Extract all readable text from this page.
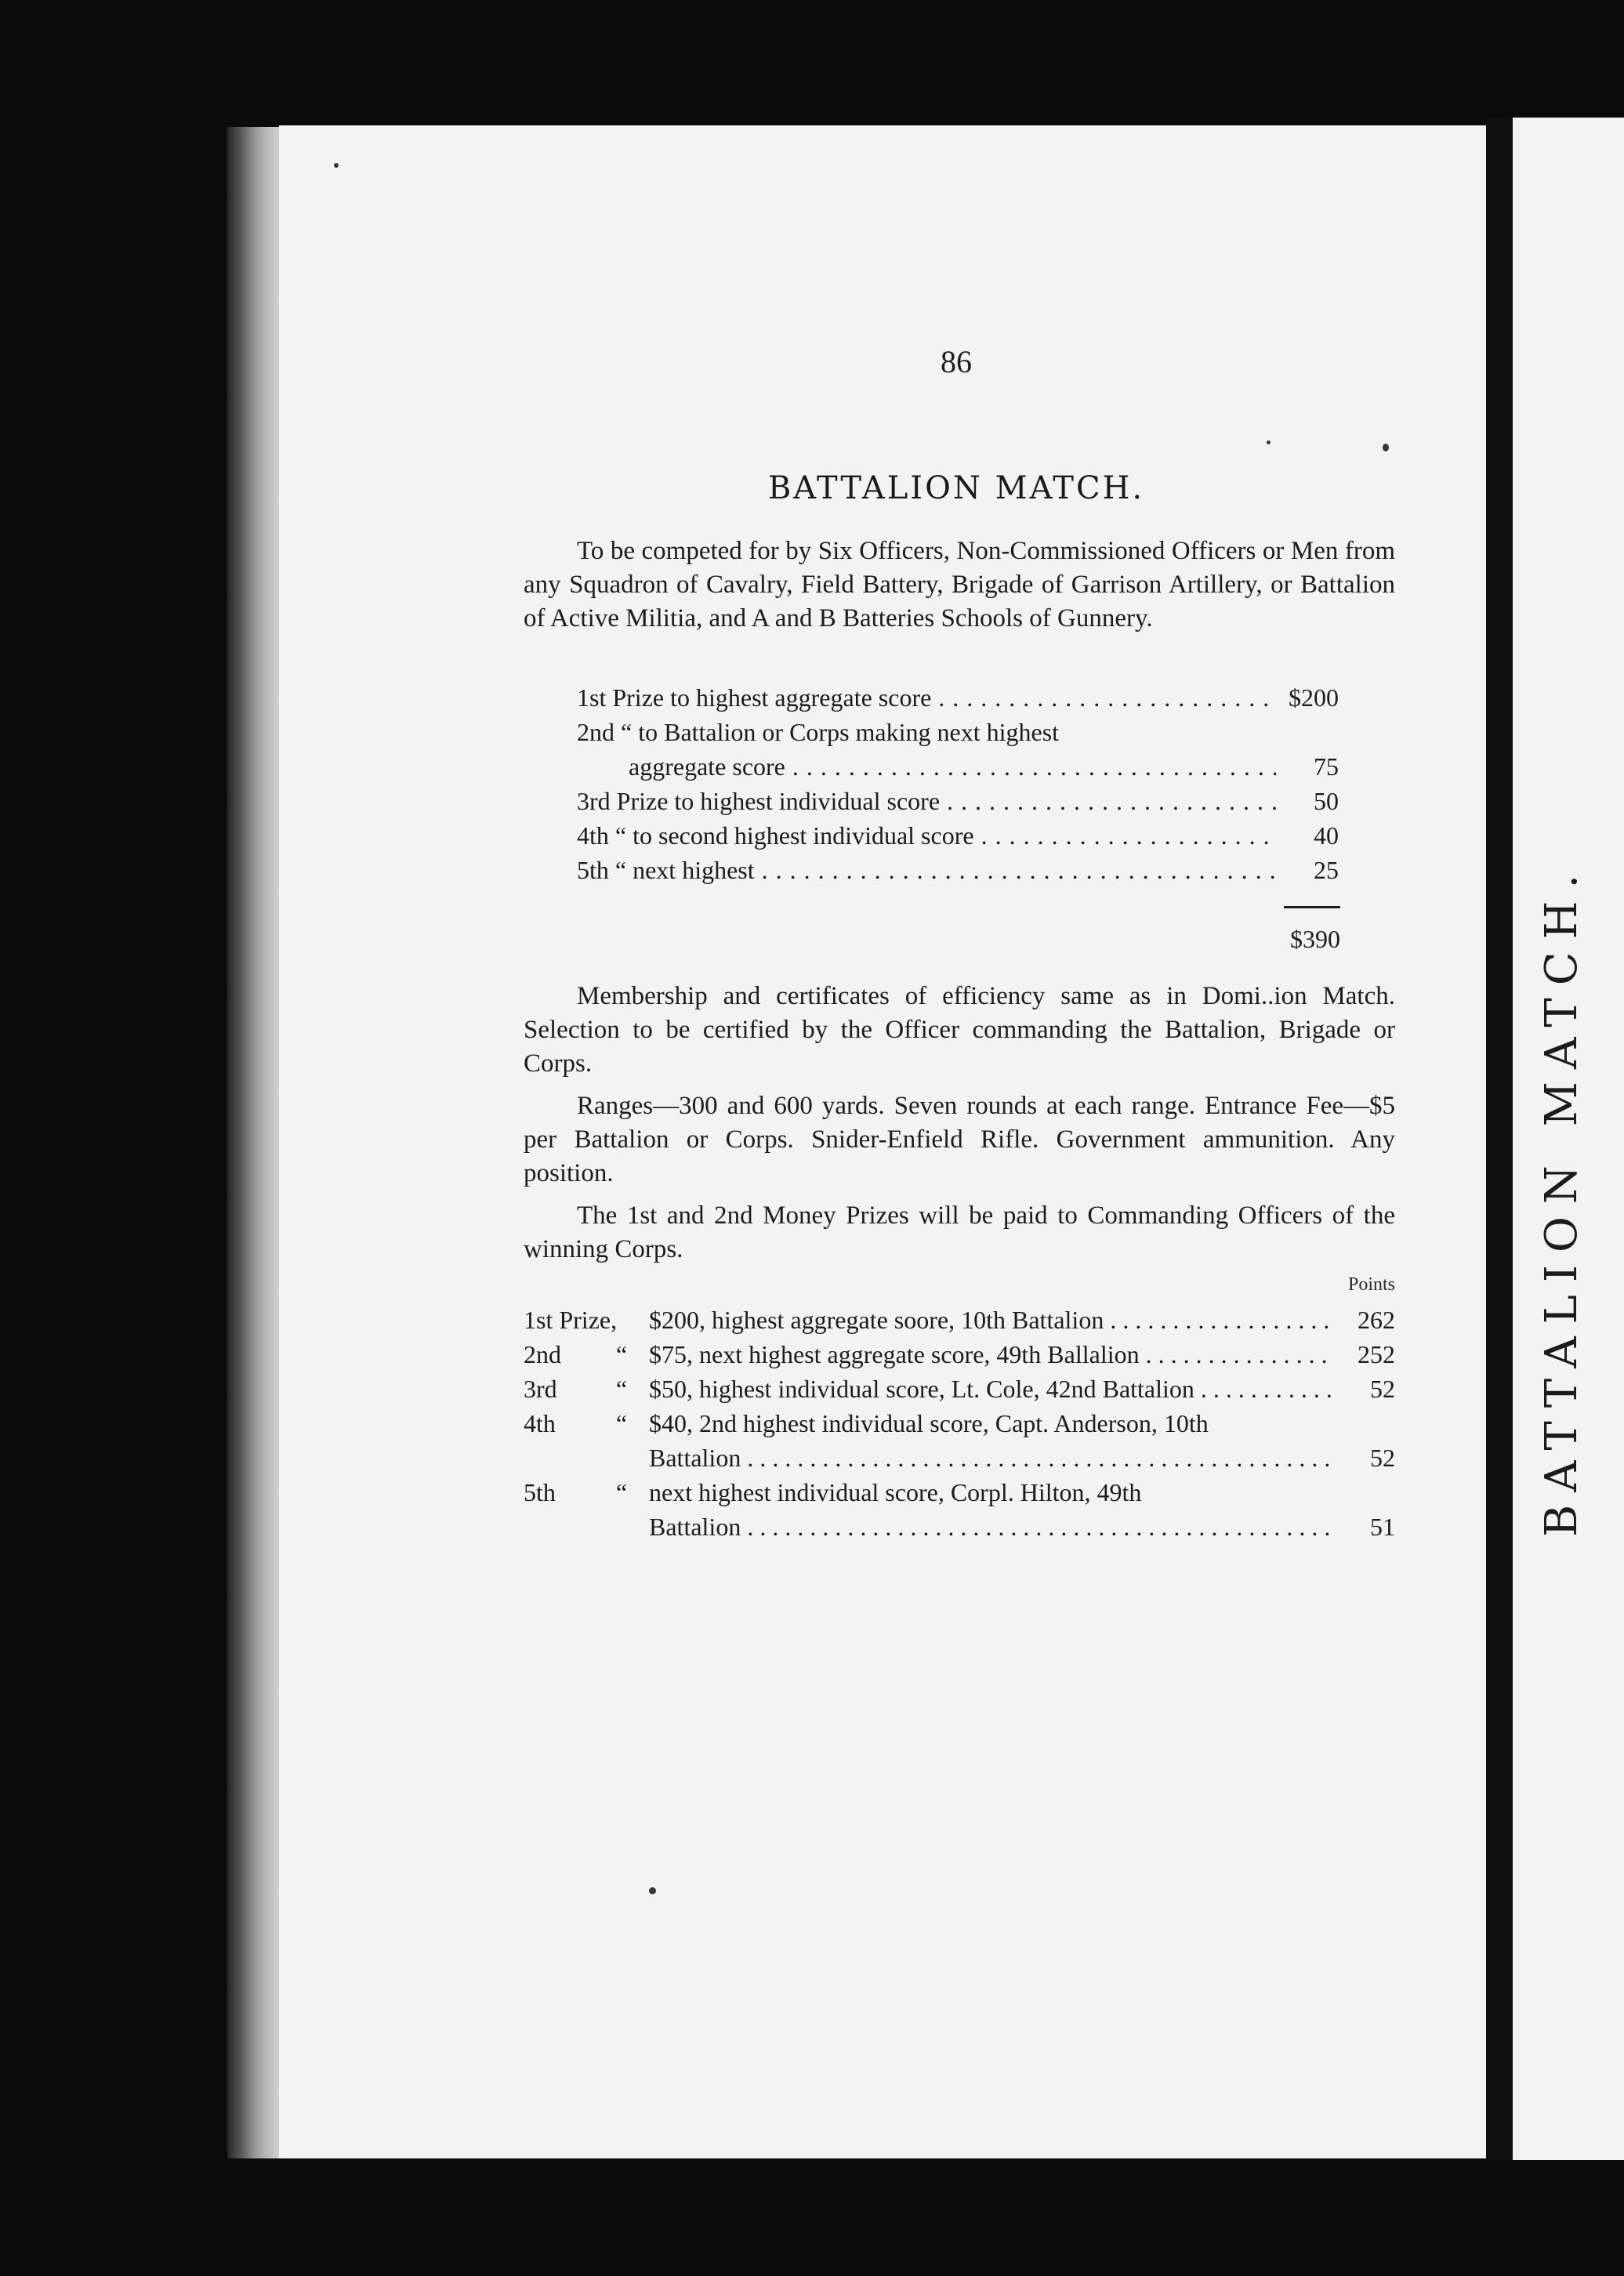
BATTALION MATCH.
86
BATTALION MATCH.
To be competed for by Six Officers, Non-Commissioned Officers or Men from any Squadron of Cavalry, Field Battery, Brigade of Garrison Artillery, or Battalion of Active Militia, and A and B Batteries Schools of Gunnery.
1st Prize to highest aggregate score . . .	$200
2nd “ to Battalion or Corps making next highest
aggregate score . . .	75
3rd Prize to highest individual score . . .	50
4th “ to second highest individual score . . .	40
5th “ next highest . . .	25
$390
Membership and certificates of efficiency same as in Domi..ion Match. Selection to be certified by the Officer commanding the Battalion, Brigade or Corps.
Ranges—300 and 600 yards. Seven rounds at each range. Entrance Fee—$5 per Battalion or Corps. Snider-Enfield Rifle. Government ammunition. Any position.
The 1st and 2nd Money Prizes will be paid to Commanding Officers of the winning Corps.
Points
1st Prize,	$200, highest aggregate soore, 10th Battalion . . .	262
2nd	“ $75, next highest aggregate score, 49th Ballalion . . .	252
3rd	“ $50, highest individual score, Lt. Cole, 42nd Battalion . . .	52
4th	“ $40, 2nd highest individual score, Capt. Anderson, 10th
Battalion . . .	52
5th	“ next highest individual score, Corpl. Hilton, 49th
Battalion . . .	51
